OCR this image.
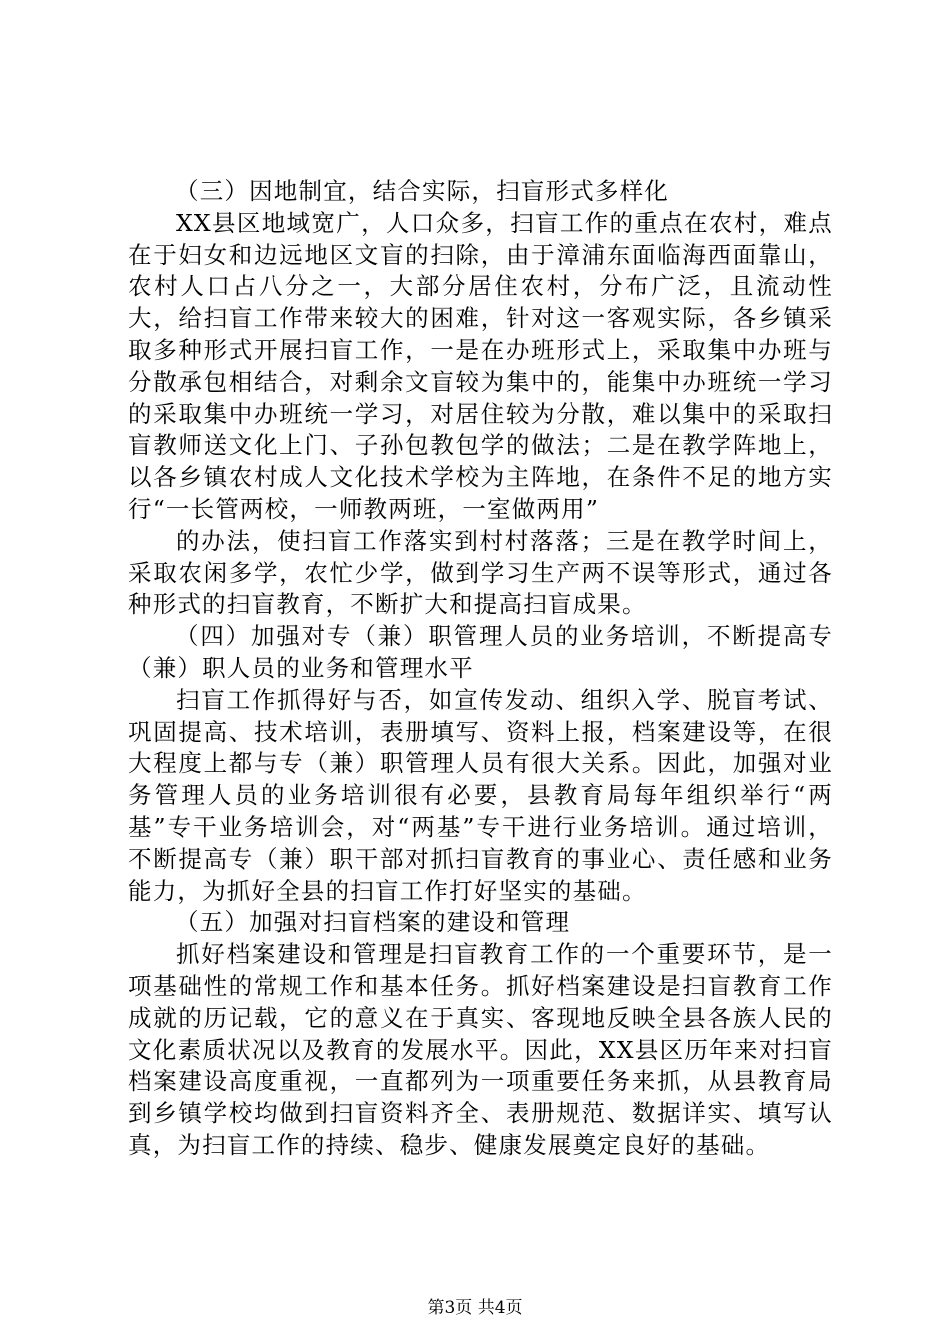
（三）因地制宜，结合实际，扫盲形式多样化

XX县区地域宽广，人口众多，扫盲工作的重点在农村，难点在于妇女和边远地区文盲的扫除，由于漳浦东面临海西面靠山，农村人口占八分之一，大部分居住农村，分布广泛，且流动性大，给扫盲工作带来较大的困难，针对这一客观实际，各乡镇采取多种形式开展扫盲工作，一是在办班形式上，采取集中办班与分散承包相结合，对剩余文盲较为集中的，能集中办班统一学习的采取集中办班统一学习，对居住较为分散，难以集中的采取扫盲教师送文化上门、子孙包教包学的做法；二是在教学阵地上，以各乡镇农村成人文化技术学校为主阵地，在条件不足的地方实行“一长管两校，一师教两班，一室做两用”

的办法，使扫盲工作落实到村村落落；三是在教学时间上，采取农闲多学，农忙少学，做到学习生产两不误等形式，通过各种形式的扫盲教育，不断扩大和提高扫盲成果。

（四）加强对专（兼）职管理人员的业务培训，不断提高专（兼）职人员的业务和管理水平

扫盲工作抓得好与否，如宣传发动、组织入学、脱盲考试、巩固提高、技术培训，表册填写、资料上报，档案建设等，在很大程度上都与专（兼）职管理人员有很大关系。因此，加强对业务管理人员的业务培训很有必要，县教育局每年组织举行“两基”专干业务培训会，对“两基”专干进行业务培训。通过培训，不断提高专（兼）职干部对抓扫盲教育的事业心、责任感和业务能力，为抓好全县的扫盲工作打好坚实的基础。

（五）加强对扫盲档案的建设和管理

抓好档案建设和管理是扫盲教育工作的一个重要环节，是一项基础性的常规工作和基本任务。抓好档案建设是扫盲教育工作成就的历记载，它的意义在于真实、客现地反映全县各族人民的文化素质状况以及教育的发展水平。因此，XX县区历年来对扫盲档案建设高度重视，一直都列为一项重要任务来抓，从县教育局到乡镇学校均做到扫盲资料齐全、表册规范、数据详实、填写认真，为扫盲工作的持续、稳步、健康发展奠定良好的基础。

第3页 共4页
